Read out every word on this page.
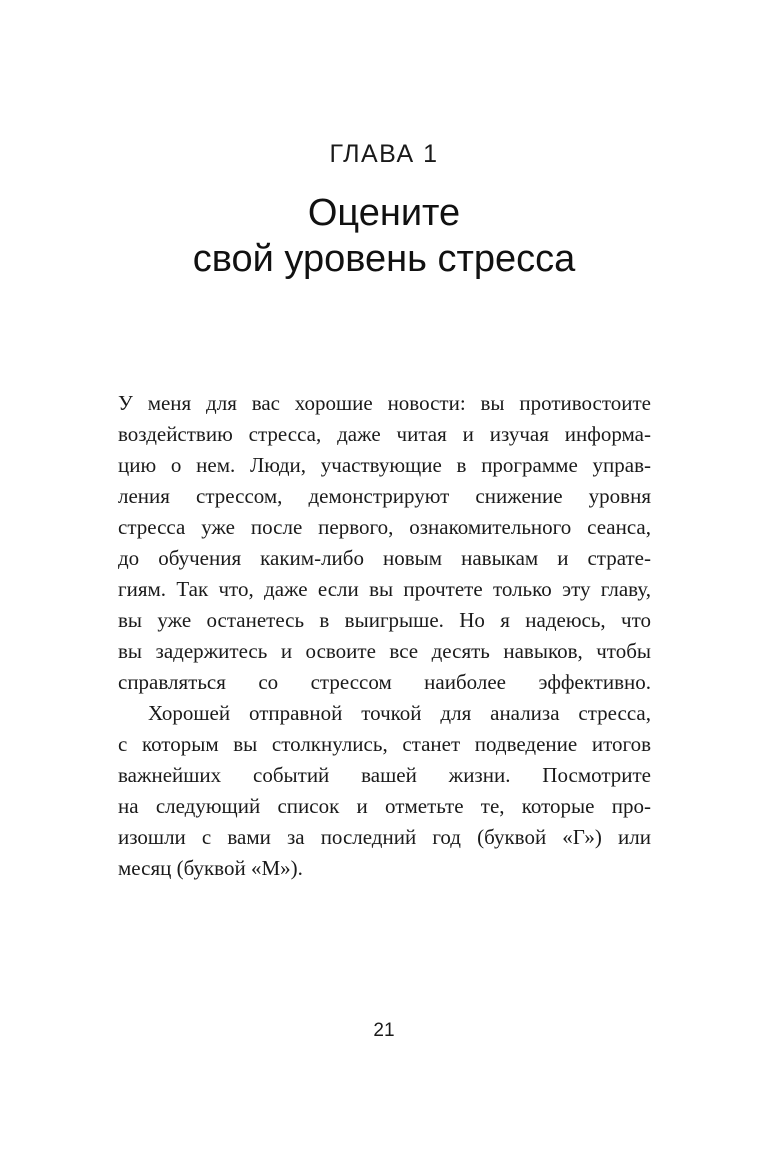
ГЛАВА 1
Оцените
свой уровень стресса
У меня для вас хорошие новости: вы противостоите
воздействию стресса, даже читая и изучая информа-
цию о нем. Люди, участвующие в программе управ-
ления стрессом, демонстрируют снижение уровня
стресса уже после первого, ознакомительного сеанса,
до обучения каким-либо новым навыкам и страте-
гиям. Так что, даже если вы прочтете только эту главу,
вы уже останетесь в выигрыше. Но я надеюсь, что
вы задержитесь и освоите все десять навыков, чтобы
справляться со стрессом наиболее эффективно.
Хорошей отправной точкой для анализа стресса,
с которым вы столкнулись, станет подведение итогов
важнейших событий вашей жизни. Посмотрите
на следующий список и отметьте те, которые про-
изошли с вами за последний год (буквой «Г») или
месяц (буквой «М»).
21
